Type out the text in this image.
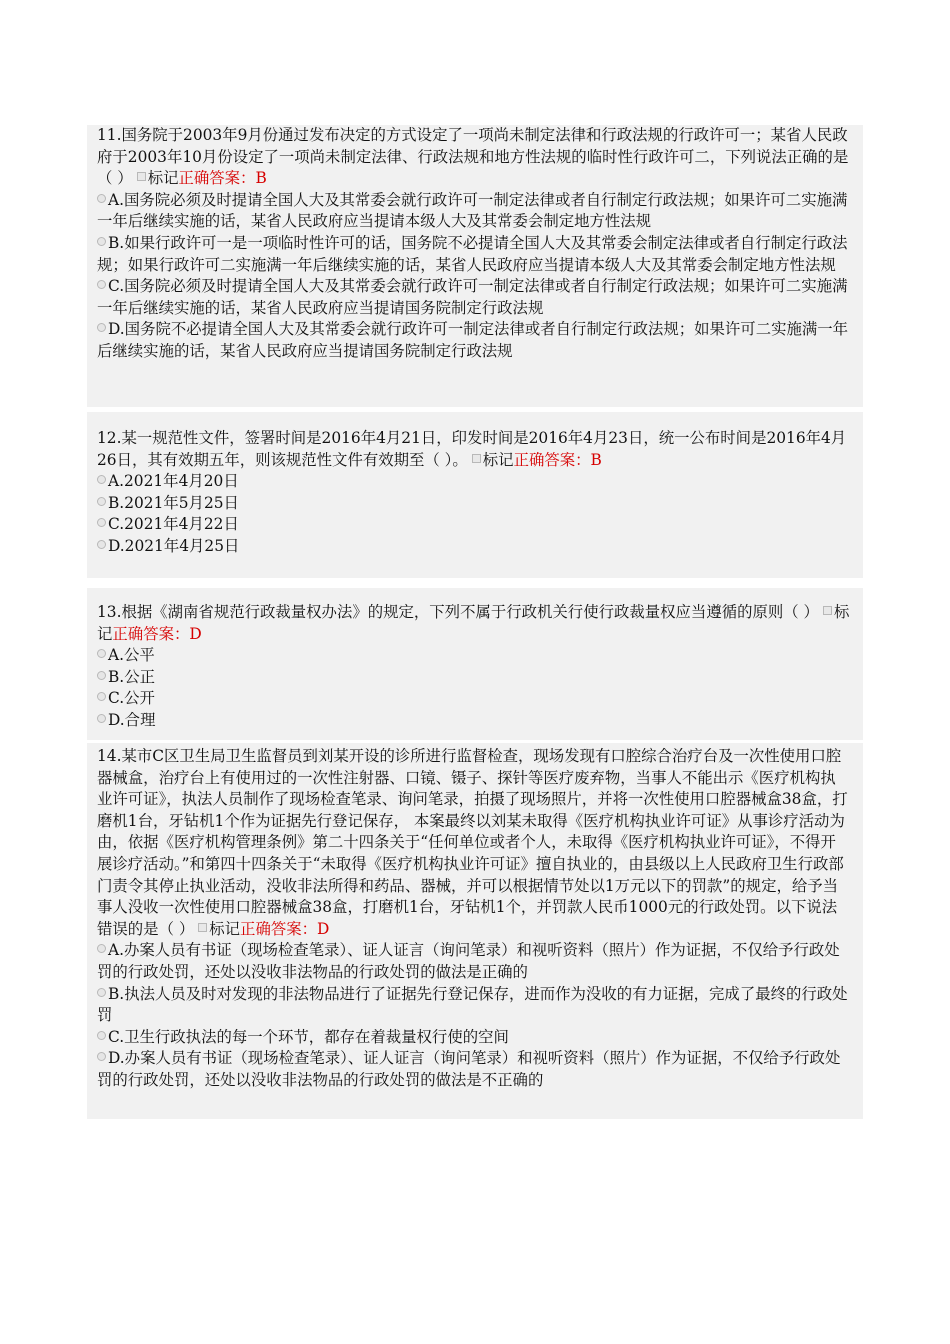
11.国务院于2003年9月份通过发布决定的方式设定了一项尚未制定法律和行政法规的行政许可一；某省人民政府于2003年10月份设定了一项尚未制定法律、行政法规和地方性法规的临时性行政许可二，下列说法正确的是（ ） 标记正确答案：B

A.国务院必须及时提请全国人大及其常委会就行政许可一制定法律或者自行制定行政法规；如果许可二实施满一年后继续实施的话，某省人民政府应当提请本级人大及其常委会制定地方性法规

B.如果行政许可一是一项临时性许可的话，国务院不必提请全国人大及其常委会制定法律或者自行制定行政法规；如果行政许可二实施满一年后继续实施的话，某省人民政府应当提请本级人大及其常委会制定地方性法规

C.国务院必须及时提请全国人大及其常委会就行政许可一制定法律或者自行制定行政法规；如果许可二实施满一年后继续实施的话，某省人民政府应当提请国务院制定行政法规

D.国务院不必提请全国人大及其常委会就行政许可一制定法律或者自行制定行政法规；如果许可二实施满一年后继续实施的话，某省人民政府应当提请国务院制定行政法规

12.某一规范性文件，签署时间是2016年4月21日，印发时间是2016年4月23日，统一公布时间是2016年4月26日，其有效期五年，则该规范性文件有效期至（ ）。 标记正确答案：B

A.2021年4月20日

B.2021年5月25日

C.2021年4月22日

D.2021年4月25日

13.根据《湖南省规范行政裁量权办法》的规定，下列不属于行政机关行使行政裁量权应当遵循的原则（ ） 标记正确答案：D

A.公平

B.公正

C.公开

D.合理

14.某市C区卫生局卫生监督员到刘某开设的诊所进行监督检查，现场发现有口腔综合治疗台及一次性使用口腔器械盒，治疗台上有使用过的一次性注射器、口镜、镊子、探针等医疗废弃物，当事人不能出示《医疗机构执业许可证》，执法人员制作了现场检查笔录、询问笔录，拍摄了现场照片，并将一次性使用口腔器械盒38盒，打磨机1台，牙钻机1个作为证据先行登记保存， 本案最终以刘某未取得《医疗机构执业许可证》从事诊疗活动为由，依据《医疗机构管理条例》第二十四条关于“任何单位或者个人，未取得《医疗机构执业许可证》，不得开展诊疗活动。”和第四十四条关于“未取得《医疗机构执业许可证》擅自执业的，由县级以上人民政府卫生行政部门责令其停止执业活动，没收非法所得和药品、器械，并可以根据情节处以1万元以下的罚款”的规定，给予当事人没收一次性使用口腔器械盒38盒，打磨机1台，牙钻机1个，并罚款人民币1000元的行政处罚。以下说法错误的是（ ） 标记正确答案：D

A.办案人员有书证（现场检查笔录）、证人证言（询问笔录）和视听资料（照片）作为证据，不仅给予行政处罚的行政处罚，还处以没收非法物品的行政处罚的做法是正确的

B.执法人员及时对发现的非法物品进行了证据先行登记保存，进而作为没收的有力证据，完成了最终的行政处罚

C.卫生行政执法的每一个环节，都存在着裁量权行使的空间

D.办案人员有书证（现场检查笔录）、证人证言（询问笔录）和视听资料（照片）作为证据，不仅给予行政处罚的行政处罚，还处以没收非法物品的行政处罚的做法是不正确的
